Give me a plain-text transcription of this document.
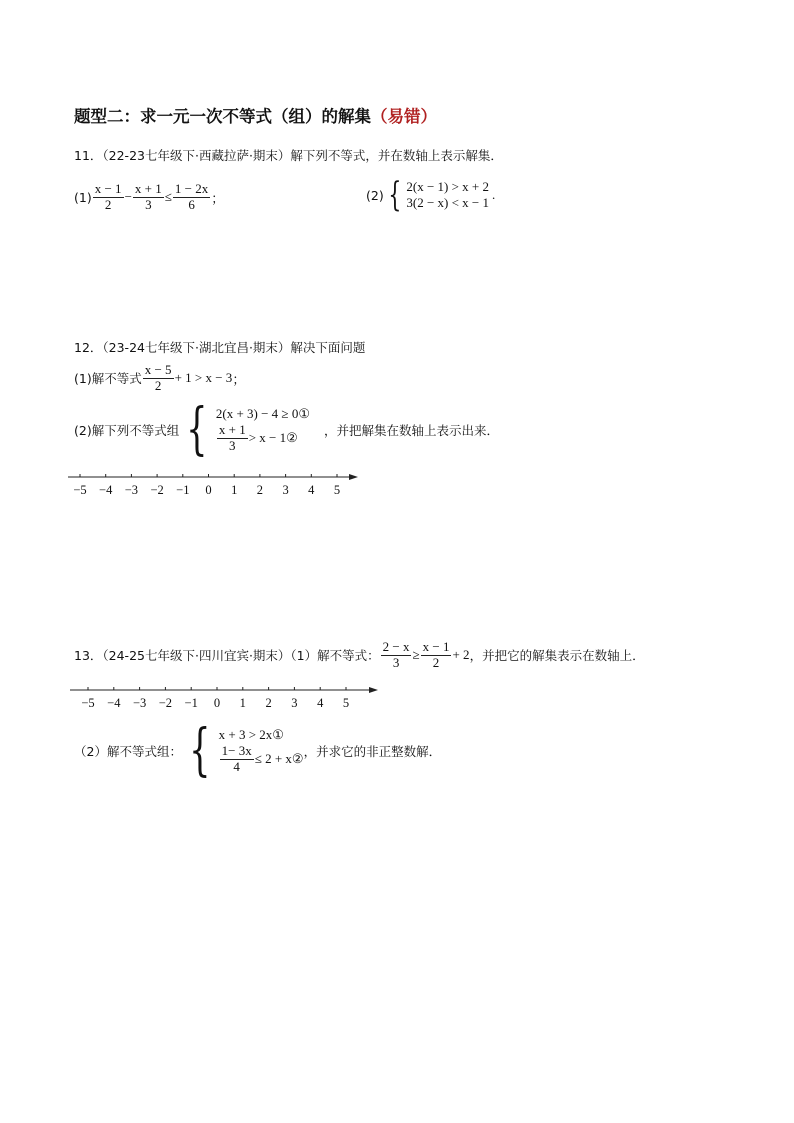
题型二：求一元一次不等式（组）的解集（易错）
11．（22-23七年级下·西藏拉萨·期末）解下列不等式，并在数轴上表示解集．
$(1) \frac{x - 1}{2} - \frac{x + 1}{3} \le \frac{1 - 2x}{6}$ ；	(2) { 2(x − 1) > x + 2
3(2 − x) < x − 1
.
12．（23-24七年级下·湖北宜昌·期末）解决下面问题
(1)解不等式 $\frac{x - 5}{2} + 1 > x - 3$ ；
(2)解下列不等式组 { 2(x + 3) − 4 ≥ 0①
$\frac{x + 1}{3} > x$ − 1② ，并把解集在数轴上表示出来．
−5 −4 −3 −2 −1 0 1 2 3 4 5
13．（24-25七年级下·四川宜宾·期末）（1）解不等式： $\frac{2 - x}{3} \ge \frac{x - 1}{2} + 2$ ，并把它的解集表示在数轴上．
−5 −4 −3 −2 −1 0 1 2 3 4 5
（2）解不等式组： { x + 3 > 2x①
$\frac{1- 3x}{4} \le 2$ + x② ，并求它的非正整数解．
